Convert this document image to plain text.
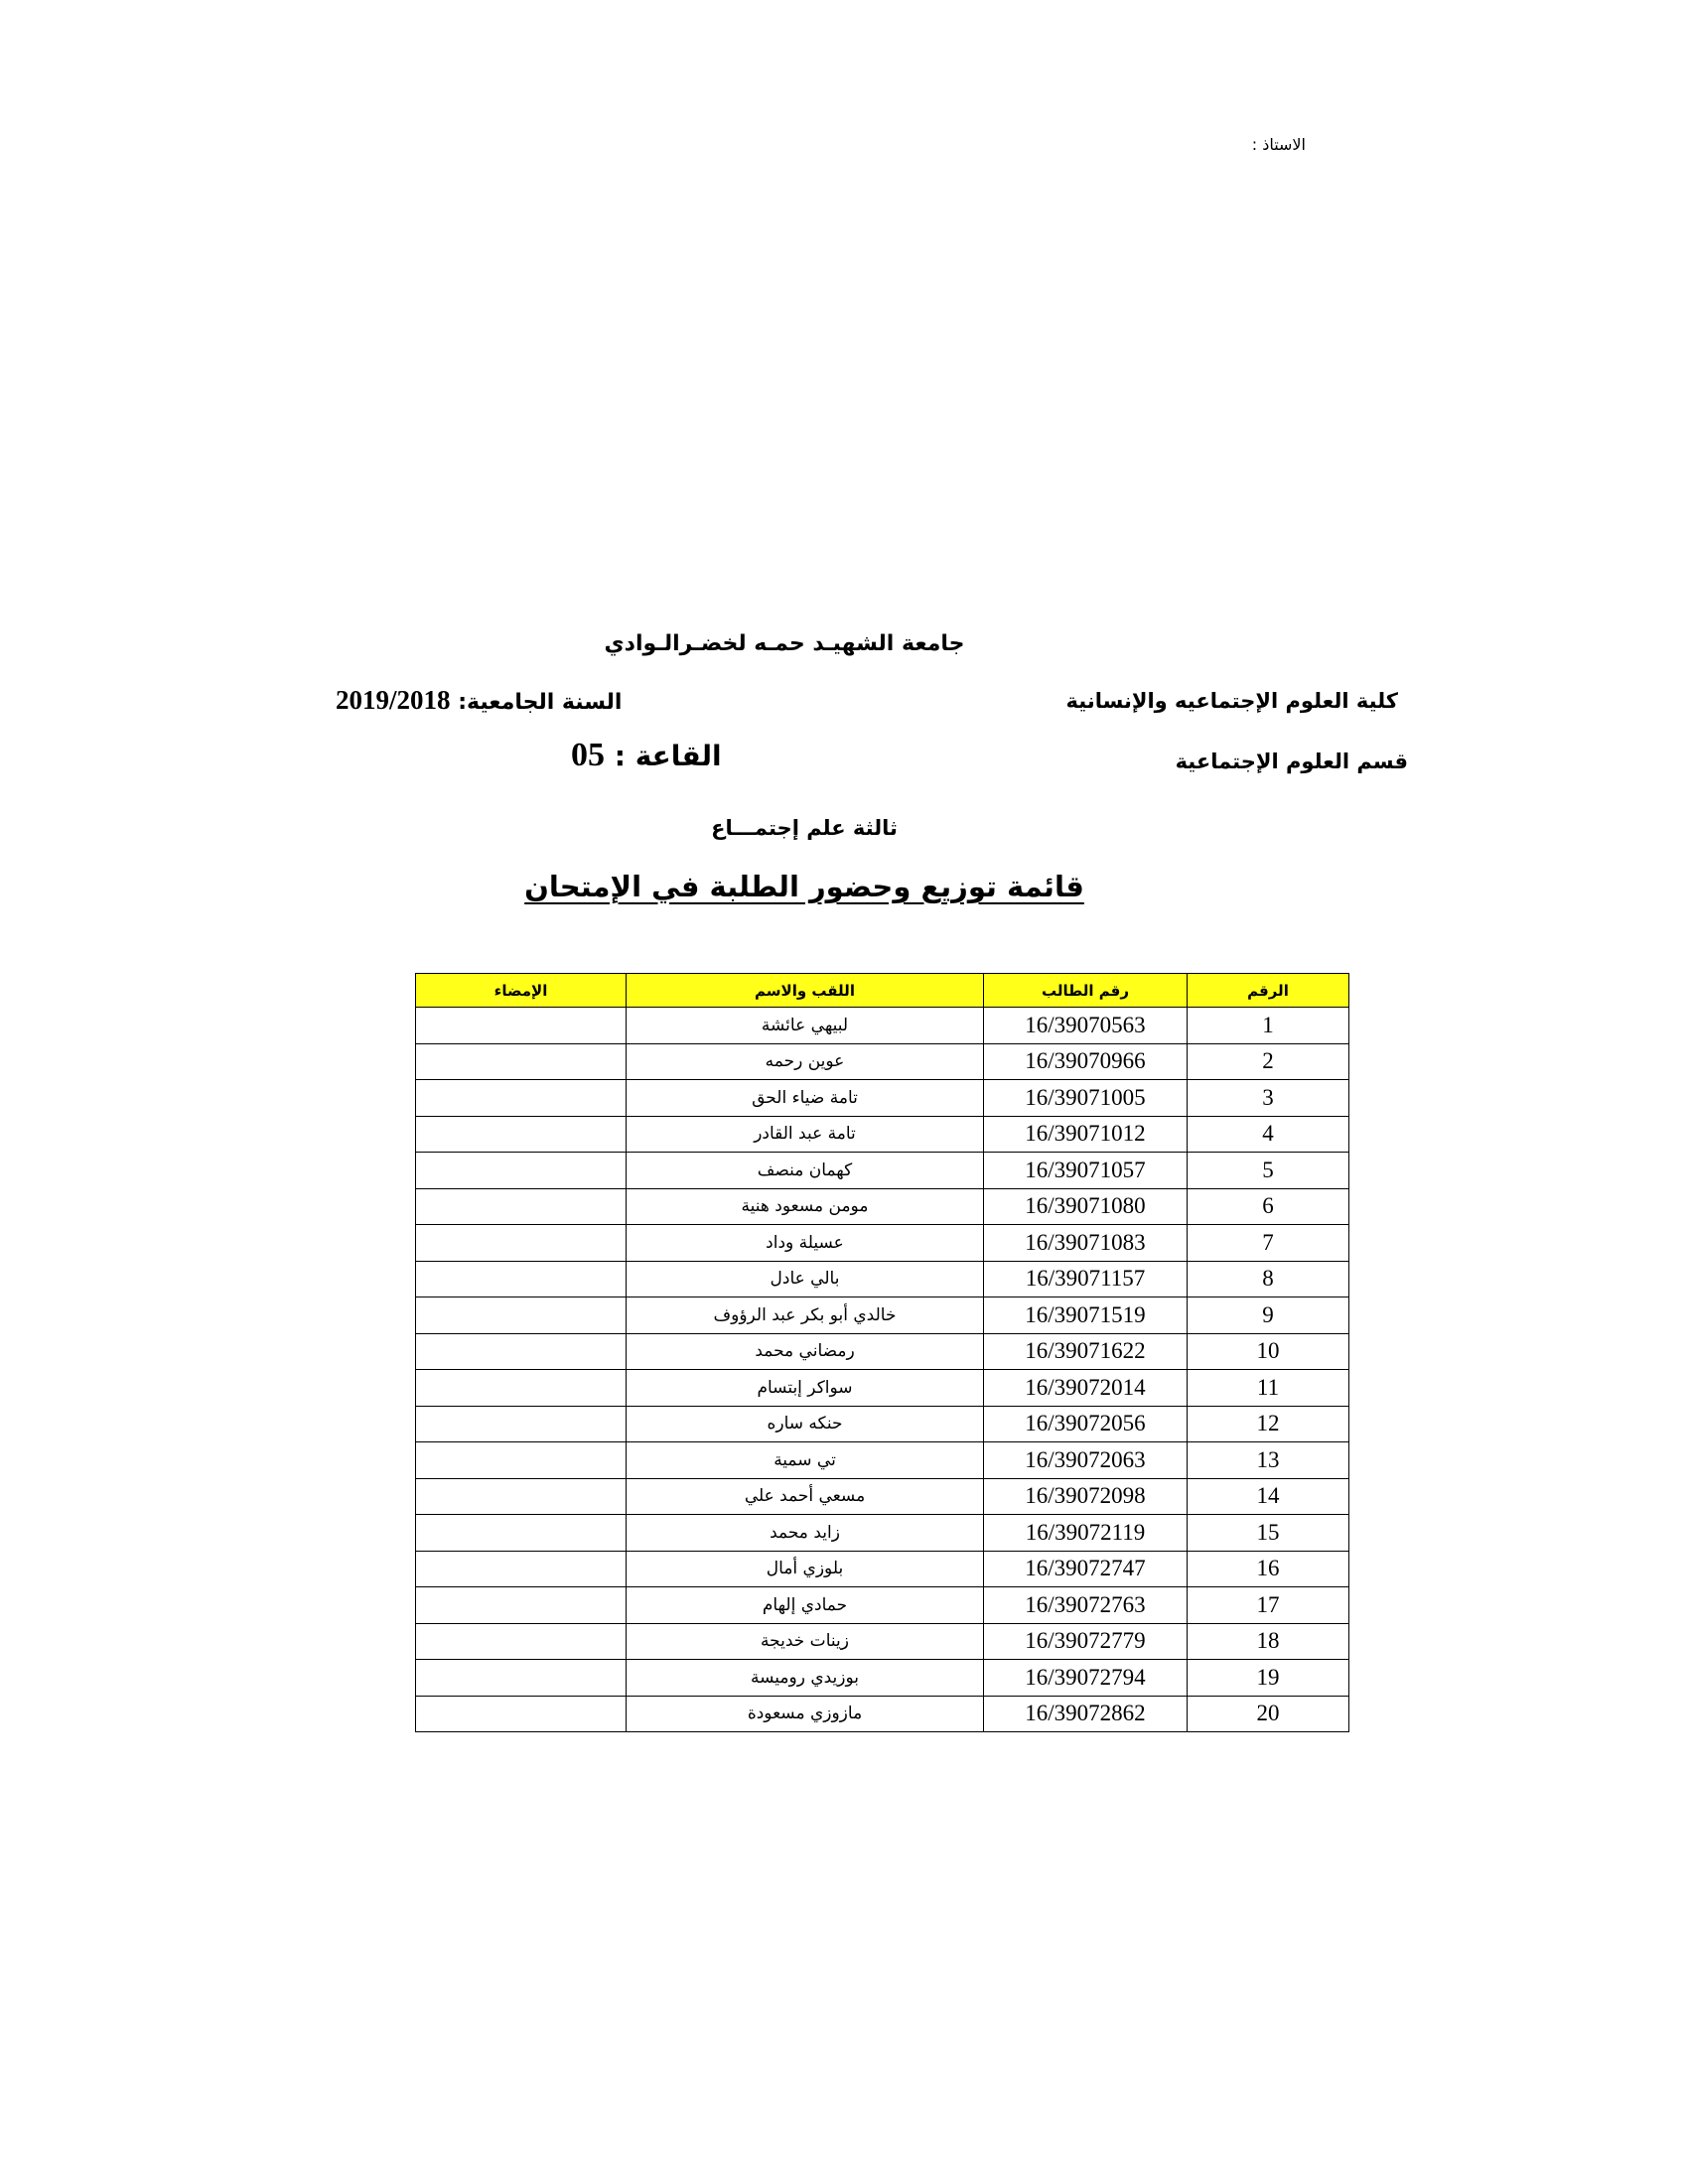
الاستاذ :
جامعة الشهيـد حمـه لخضـرالـوادي
كلية العلوم الإجتماعيه والإنسانية
السنة الجامعية: 2019/2018
قسم العلوم الإجتماعية
القاعة : 05
ثالثة علم إجتمـــاع
قائمة توزيع وحضور الطلبة في الإمتحان
الرقم	رقم الطالب	اللقب والاسم	الإمضاء
1	16/39070563	لبيهي عائشة	
2	16/39070966	عوين رحمه	
3	16/39071005	تامة ضياء الحق	
4	16/39071012	تامة عبد القادر	
5	16/39071057	كهمان منصف	
6	16/39071080	مومن مسعود هنية	
7	16/39071083	عسيلة وداد	
8	16/39071157	بالي عادل	
9	16/39071519	خالدي أبو بكر عبد الرؤوف	
10	16/39071622	رمضاني محمد	
11	16/39072014	سواكر إبتسام	
12	16/39072056	حنكه ساره	
13	16/39072063	تي سمية	
14	16/39072098	مسعي أحمد علي	
15	16/39072119	زايد محمد	
16	16/39072747	بلوزي أمال	
17	16/39072763	حمادي إلهام	
18	16/39072779	زينات خديجة	
19	16/39072794	بوزيدي روميسة	
20	16/39072862	مازوزي مسعودة	
